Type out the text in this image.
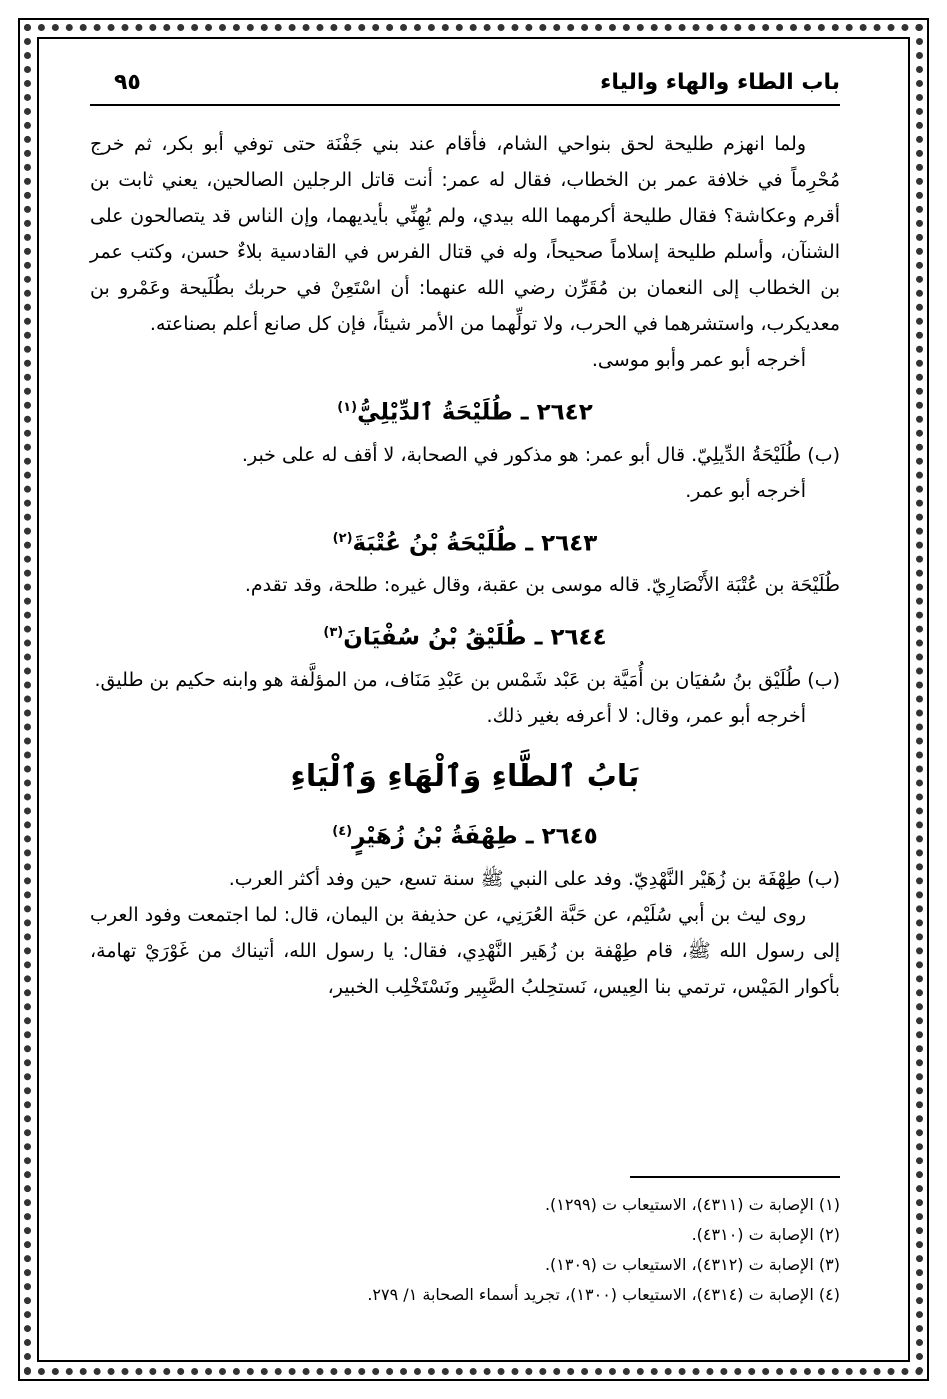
باب الطاء والهاء والياء
٩٥

ولما انهزم طليحة لحق بنواحي الشام، فأقام عند بني جَفْنَة حتى توفي أبو بكر، ثم خرج مُحْرِماً في خلافة عمر بن الخطاب، فقال له عمر: أنت قاتل الرجلين الصالحين، يعني ثابت بن أقرم وعكاشة؟ فقال طليحة أكرمهما الله بيدي، ولم يُهِنِّي بأيديهما، وإن الناس قد يتصالحون على الشنآن، وأسلم طليحة إسلاماً صحيحاً، وله في قتال الفرس في القادسية بلاءٌ حسن، وكتب عمر بن الخطاب إلى النعمان بن مُقَرِّن رضي الله عنهما: أن اسْتَعِنْ في حربك بطُلَيحة وعَمْرو بن معديكرب، واستشرهما في الحرب، ولا تولِّهما من الأمر شيئاً، فإن كل صانع أعلم بصناعته.

أخرجه أبو عمر وأبو موسى.

٢٦٤٢ ـ طُلَيْحَةُ ٱلدِّيْلِيُّ$^{(١)}$

(ب) طُلَيْحَةُ الدِّيلِيّ. قال أبو عمر: هو مذكور في الصحابة، لا أقف له على خبر.

أخرجه أبو عمر.

٢٦٤٣ ـ طُلَيْحَةُ بْنُ عُتْبَةَ$^{(٢)}$

طُلَيْحَة بن عُتْبَة الأَنْصَارِيّ. قاله موسى بن عقبة، وقال غيره: طلحة، وقد تقدم.

٢٦٤٤ ـ طُلَيْقُ بْنُ سُفْيَانَ$^{(٣)}$

(ب) طُلَيْق بنُ سُفيَان بن أُمَيَّة بن عَبْد شَمْس بن عَبْدِ مَنَاف، من المؤلَّفة هو وابنه حكيم بن طليق.

أخرجه أبو عمر، وقال: لا أعرفه بغير ذلك.

بَابُ ٱلطَّاءِ وَٱلْهَاءِ وَٱلْيَاءِ
٢٦٤٥ ـ طِهْفَةُ بْنُ زُهَيْرٍ$^{(٤)}$

(ب) طِهْفَة بن زُهَيْر النَّهْدِيّ. وفد على النبي ﷺ سنة تسع، حين وفد أكثر العرب.

روى ليث بن أبي سُلَيْم، عن حَبَّة العُرَنِي، عن حذيفة بن اليمان، قال: لما اجتمعت وفود العرب إلى رسول الله ﷺ، قام طِهْفة بن زُهَير النَّهْدِي، فقال: يا رسول الله، أتيناك من غَوْرَيْ تهامة، بأكوار المَيْس، ترتمي بنا العِيس، نَستحِلبُ الصَّبِير ونَسْتَخْلِب الخبير،

(١) الإصابة ت (٤٣١١)، الاستيعاب ت (١٢٩٩).

(٢) الإصابة ت (٤٣١٠).

(٣) الإصابة ت (٤٣١٢)، الاستيعاب ت (١٣٠٩).

(٤) الإصابة ت (٤٣١٤)، الاستيعاب (١٣٠٠)، تجريد أسماء الصحابة ١/ ٢٧٩.
